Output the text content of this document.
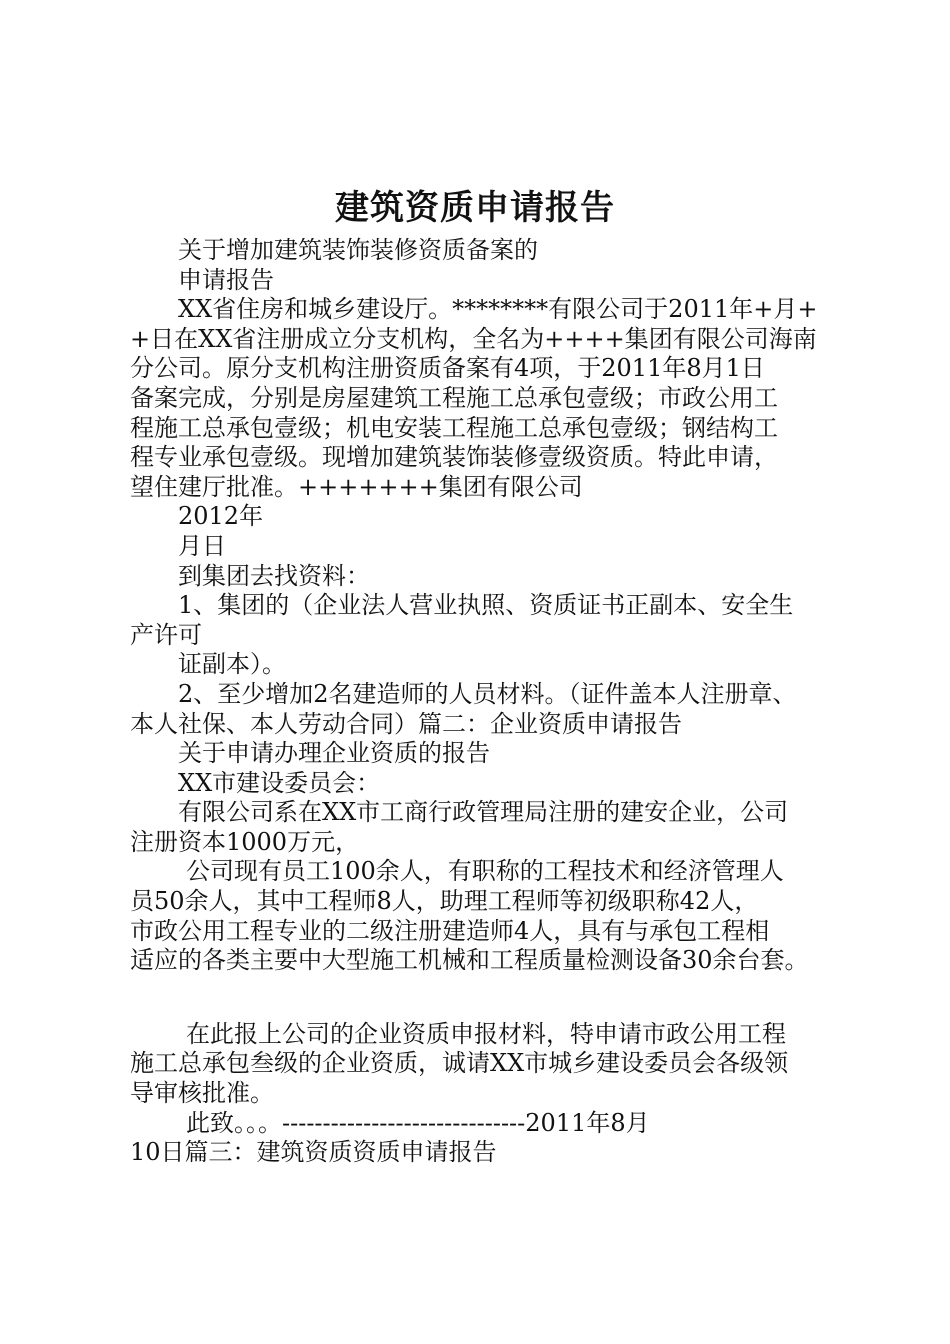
建筑资质申请报告

关于增加建筑装饰装修资质备案的

申请报告

XX省住房和城乡建设厅。********有限公司于2011年+月+

+日在XX省注册成立分支机构，全名为++++集团有限公司海南

分公司。原分支机构注册资质备案有4项，于2011年8月1日

备案完成，分别是房屋建筑工程施工总承包壹级；市政公用工

程施工总承包壹级；机电安装工程施工总承包壹级；钢结构工

程专业承包壹级。现增加建筑装饰装修壹级资质。特此申请，

望住建厅批准。+++++++集团有限公司

2012年

月日

到集团去找资料：

1、集团的（企业法人营业执照、资质证书正副本、安全生

产许可

证副本）。

2、至少增加2名建造师的人员材料。（证件盖本人注册章、

本人社保、本人劳动合同）篇二：企业资质申请报告

关于申请办理企业资质的报告

XX市建设委员会：

有限公司系在XX市工商行政管理局注册的建安企业，公司

注册资本1000万元，

公司现有员工100余人，有职称的工程技术和经济管理人

员50余人，其中工程师8人，助理工程师等初级职称42人，

市政公用工程专业的二级注册建造师4人，具有与承包工程相

适应的各类主要中大型施工机械和工程质量检测设备30余台套。

在此报上公司的企业资质申报材料，特申请市政公用工程

施工总承包叁级的企业资质，诚请XX市城乡建设委员会各级领

导审核批准。

此致。。。------------------------------2011年8月

10日篇三：建筑资质资质申请报告
